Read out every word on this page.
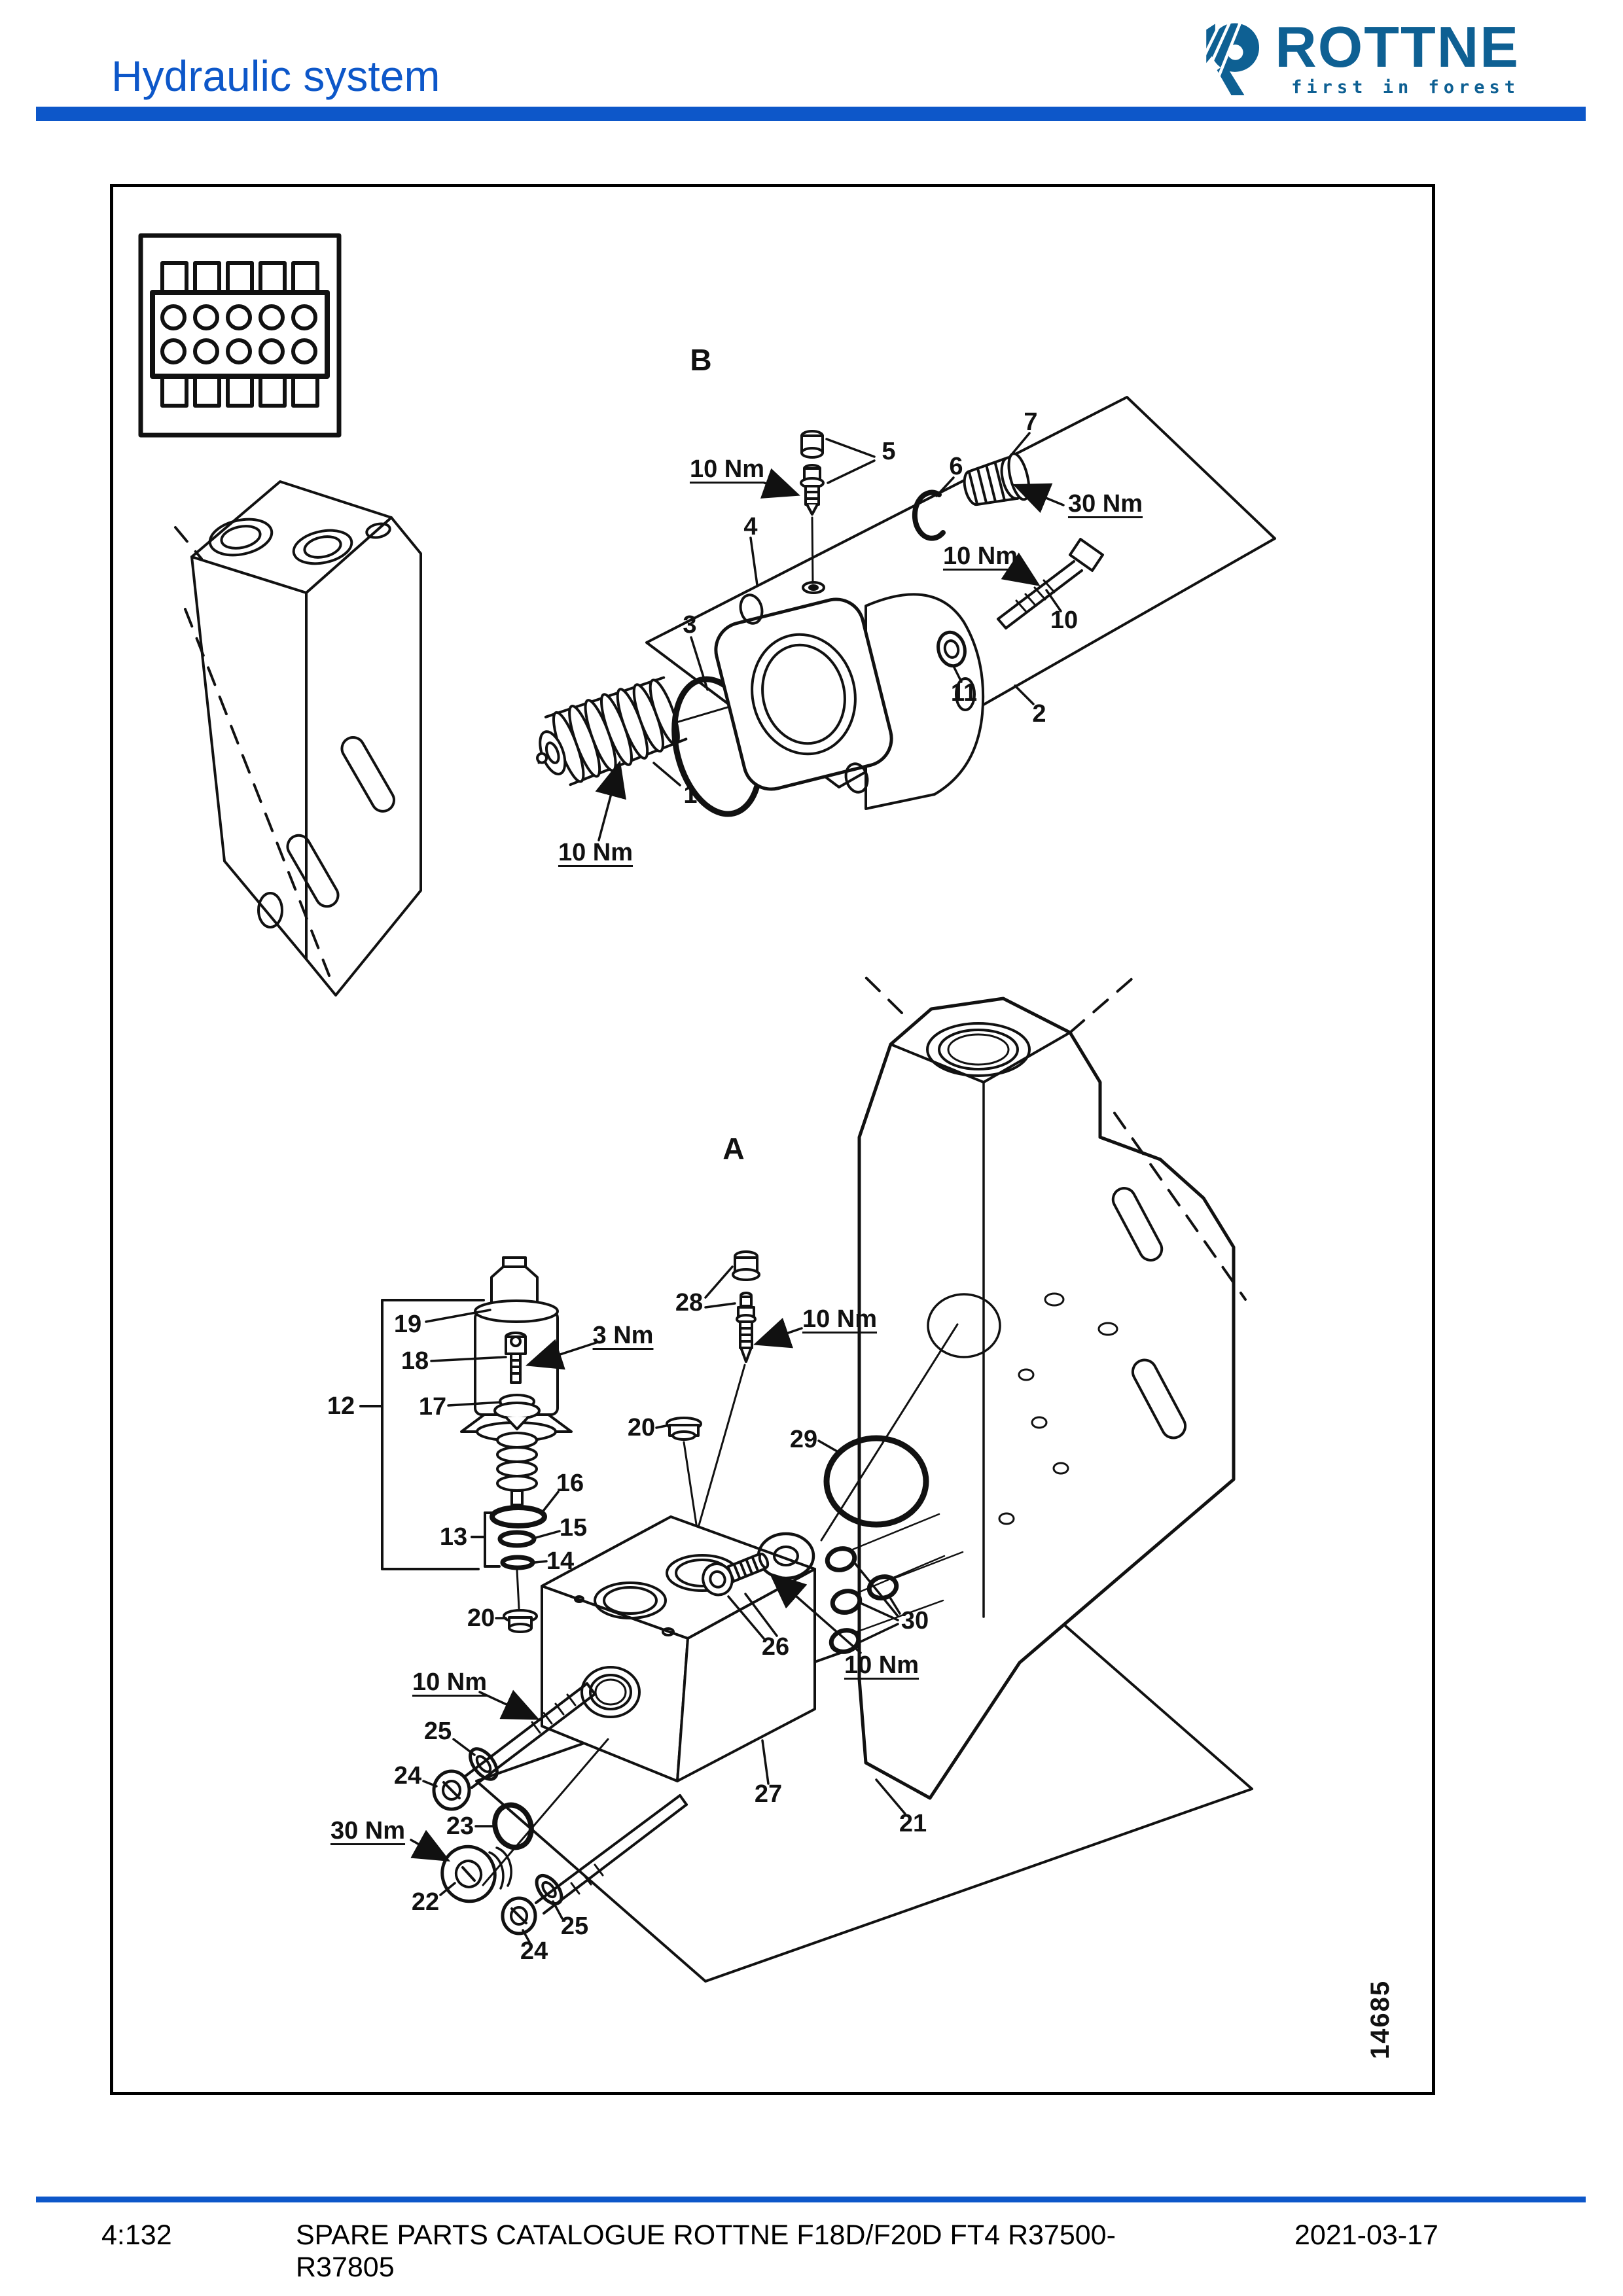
Hydraulic system	ROTTNE
first in forest
B
10 Nm
5
6
7
30 Nm
4
10 Nm
10
3
11
2
1
10 Nm
A
19	3 Nm
18
28
10 Nm
12	17
20	29
16
15
13
14
20
10 Nm
25
24
30 Nm 23
22
25
24
26
30
10 Nm
27
21
14685
4:132	SPARE PARTS CATALOGUE ROTTNE F18D/F20D FT4 R37500-R37805
2021-03-17
